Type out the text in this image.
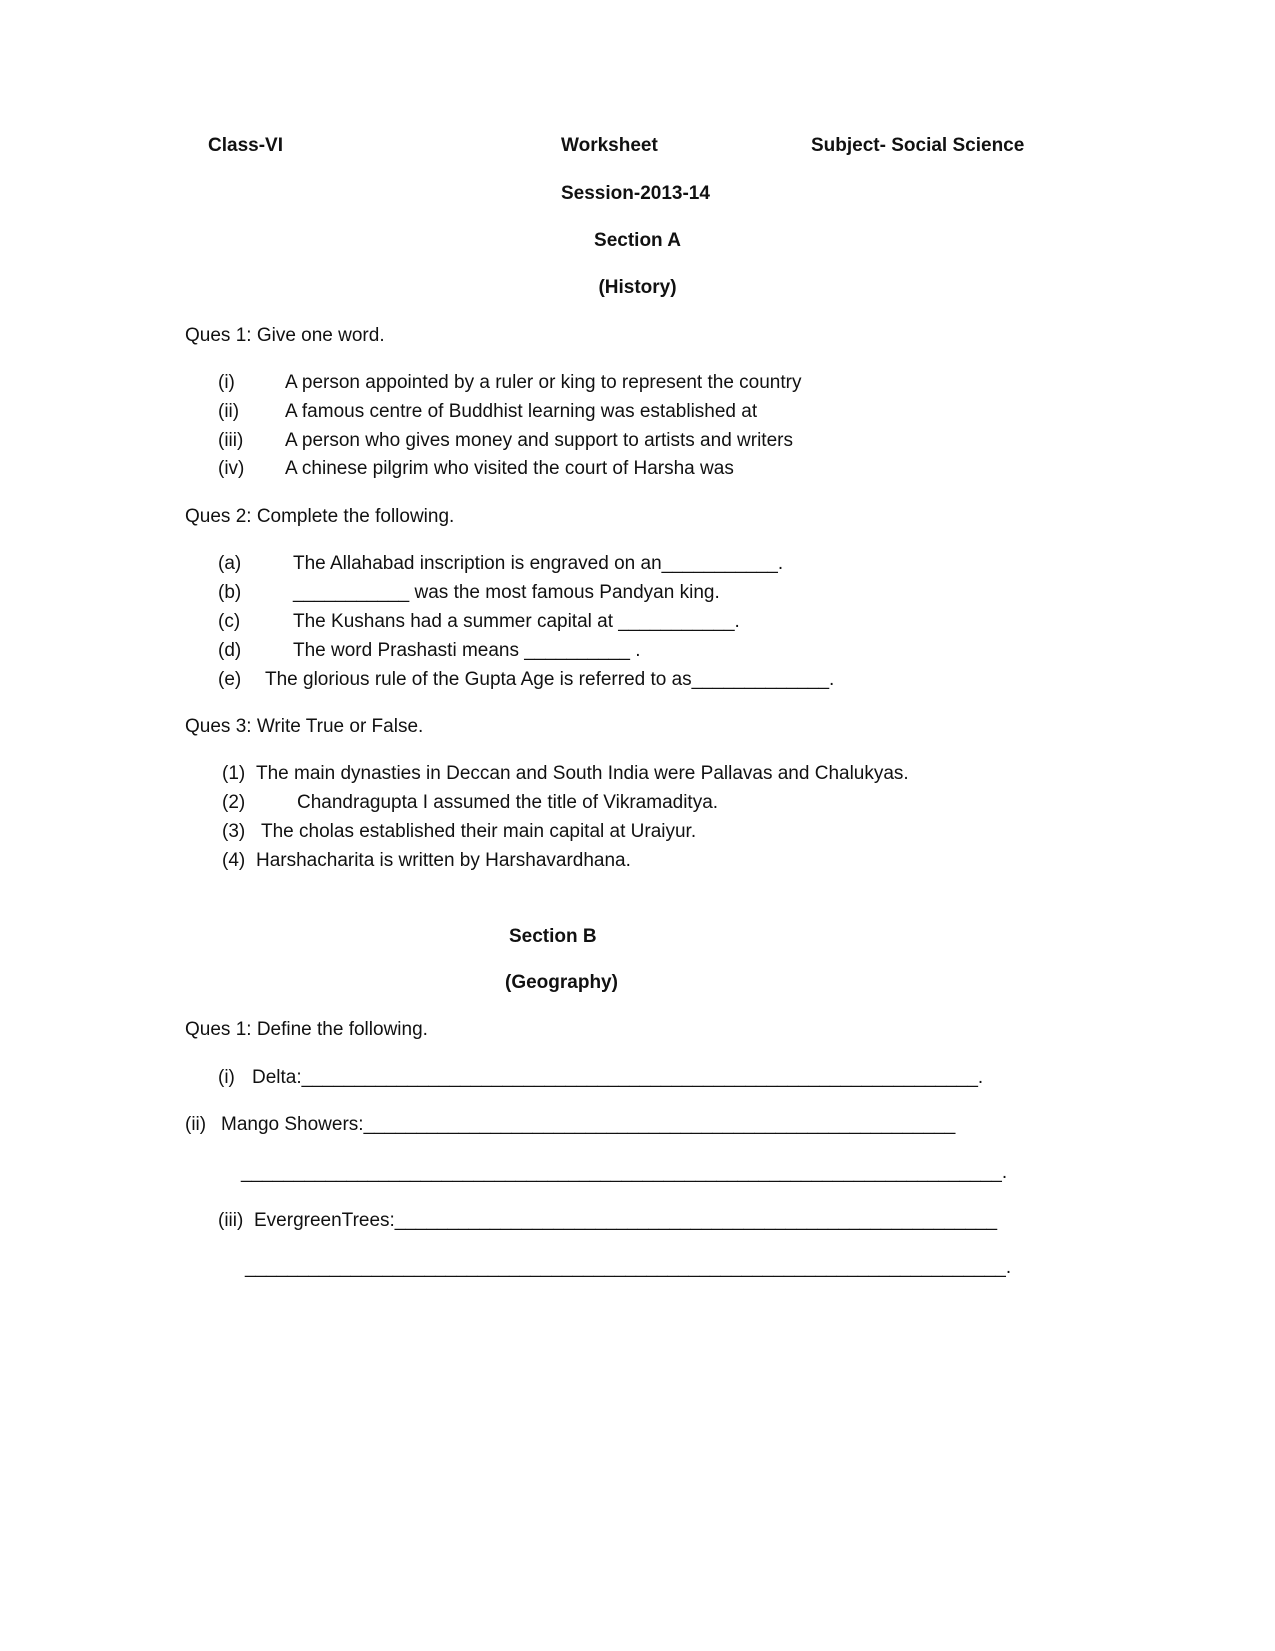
Class-VI	Worksheet	Subject- Social Science
Session-2013-14
Section A
(History)
Ques 1: Give one word.
(i)	A person appointed by a ruler or king to represent the country
(ii) A famous centre of Buddhist learning was established at
(iii) A person who gives money and support to artists and writers
(iv) A chinese pilgrim who visited the court of Harsha was
Ques 2: Complete the following.
(a)	The Allahabad inscription is engraved on an___________.
(b)	___________ was the most famous Pandyan king.
(c)	The Kushans had a summer capital at ___________.
(d)	The word Prashasti means __________ .
(e) The glorious rule of the Gupta Age is referred to as_____________.
Ques 3: Write True or False.
(1) The main dynasties in Deccan and South India were Pallavas and Chalukyas.
(2)	Chandragupta I assumed the title of Vikramaditya.
(3) The cholas established their main capital at Uraiyur.
(4) Harshacharita is written by Harshavardhana.
Section B
(Geography)
Ques 1: Define the following.
(i) Delta:________________________________________________________________.
(ii) Mango Showers:________________________________________________________
________________________________________________________________________.
(iii) EvergreenTrees:_________________________________________________________
________________________________________________________________________.
